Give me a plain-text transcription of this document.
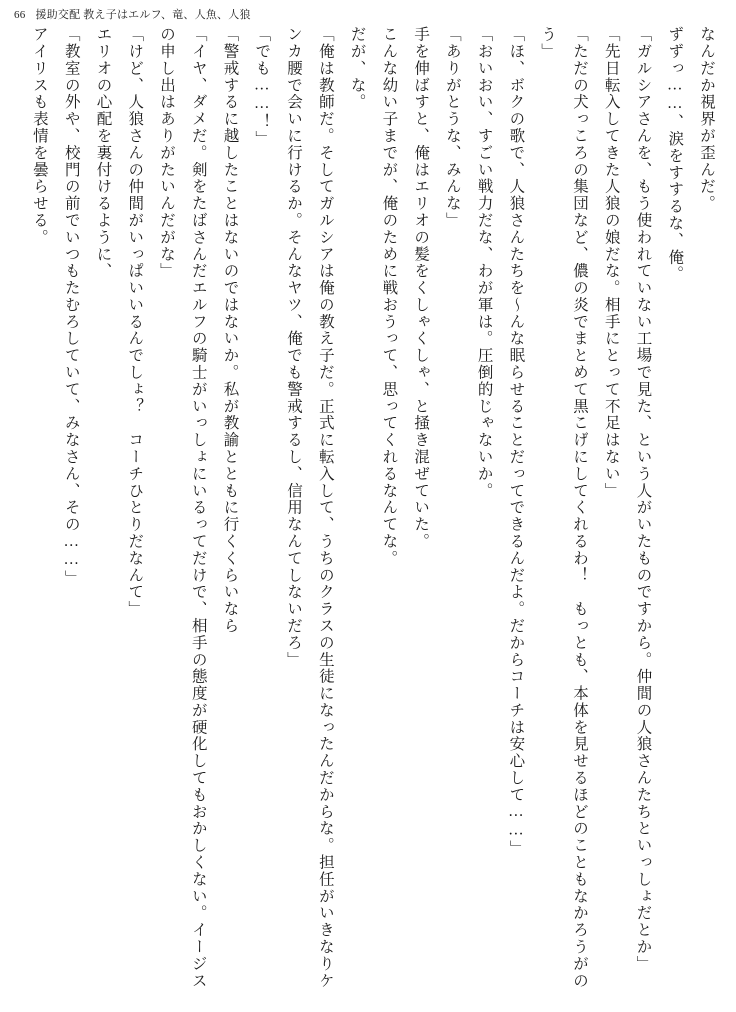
66 援助交配 教え子はエルフ、竜、人魚、人狼

なんだか視界が歪んだ。

ずずっ……、涙をすするな、俺。

「ガルシアさんを、もう使われていない工場で見た、という人がいたものですから。仲間の人狼さんたちといっしょだとか」

「先日転入してきた人狼の娘だな。相手にとって不足はない」

「ただの犬っころの集団など、儂の炎でまとめて黒こげにしてくれるわ！　もっとも、本体を見せるほどのこともなかろうがのう」

「ほ、ボクの歌で、人狼さんたちを〜んな眠らせることだってできるんだよ。だからコーチは安心して……」

「おいおい、すごい戦力だな、わが軍は。圧倒的じゃないか。

「ありがとうな、みんな」

手を伸ばすと、俺はエリオの髪をくしゃくしゃ、と掻き混ぜていた。

こんな幼い子までが、俺のために戦おうって、思ってくれるなんてな。

だが、な。

「俺は教師だ。そしてガルシアは俺の教え子だ。正式に転入して、うちのクラスの生徒になったんだからな。担任がいきなりケンカ腰で会いに行けるか。そんなヤツ、俺でも警戒するし、信用なんてしないだろ」

「でも……！」

「警戒するに越したことはないのではないか。私が教諭とともに行くくらいなら

「イヤ、ダメだ。剣をたばさんだエルフの騎士がいっしょにいるってだけで、相手の態度が硬化してもおかしくない。イージスの申し出はありがたいんだがな」

「けど、人狼さんの仲間がいっぱいいるんでしょ？　コーチひとりだなんて」

エリオの心配を裏付けるように、

「教室の外や、校門の前でいつもたむろしていて、みなさん、その……」

アイリスも表情を曇らせる。
